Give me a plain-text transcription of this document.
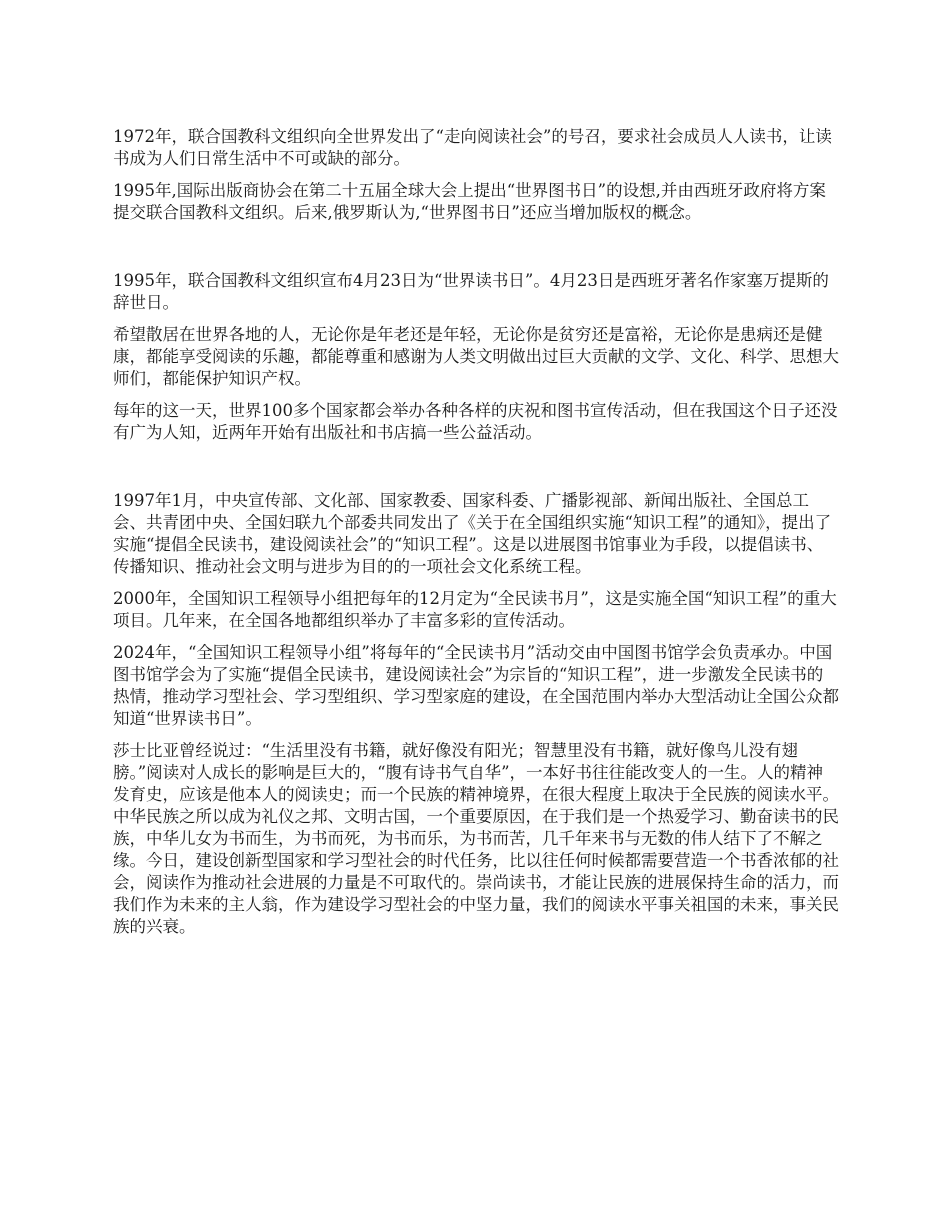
1972年，联合国教科文组织向全世界发出了“走向阅读社会”的号召，要求社会成员人人读书，让读书成为人们日常生活中不可或缺的部分。

1995年,国际出版商协会在第二十五届全球大会上提出“世界图书日”的设想,并由西班牙政府将方案提交联合国教科文组织。后来,俄罗斯认为,“世界图书日”还应当增加版权的概念。

1995年，联合国教科文组织宣布4月23日为“世界读书日”。4月23日是西班牙著名作家塞万提斯的辞世日。

希望散居在世界各地的人，无论你是年老还是年轻，无论你是贫穷还是富裕，无论你是患病还是健康，都能享受阅读的乐趣，都能尊重和感谢为人类文明做出过巨大贡献的文学、文化、科学、思想大师们，都能保护知识产权。

每年的这一天，世界100多个国家都会举办各种各样的庆祝和图书宣传活动，但在我国这个日子还没有广为人知，近两年开始有出版社和书店搞一些公益活动。

1997年1月，中央宣传部、文化部、国家教委、国家科委、广播影视部、新闻出版社、全国总工会、共青团中央、全国妇联九个部委共同发出了《关于在全国组织实施“知识工程”的通知》，提出了实施“提倡全民读书，建设阅读社会”的“知识工程”。这是以进展图书馆事业为手段，以提倡读书、传播知识、推动社会文明与进步为目的的一项社会文化系统工程。

2000年，全国知识工程领导小组把每年的12月定为“全民读书月”，这是实施全国“知识工程”的重大项目。几年来，在全国各地都组织举办了丰富多彩的宣传活动。

2024年，“全国知识工程领导小组”将每年的“全民读书月”活动交由中国图书馆学会负责承办。中国图书馆学会为了实施“提倡全民读书，建设阅读社会”为宗旨的“知识工程”，进一步激发全民读书的热情，推动学习型社会、学习型组织、学习型家庭的建设，在全国范围内举办大型活动让全国公众都知道“世界读书日”。

莎士比亚曾经说过：“生活里没有书籍，就好像没有阳光；智慧里没有书籍，就好像鸟儿没有翅膀。”阅读对人成长的影响是巨大的，“腹有诗书气自华”，一本好书往往能改变人的一生。人的精神发育史，应该是他本人的阅读史；而一个民族的精神境界，在很大程度上取决于全民族的阅读水平。中华民族之所以成为礼仪之邦、文明古国，一个重要原因，在于我们是一个热爱学习、勤奋读书的民族，中华儿女为书而生，为书而死，为书而乐，为书而苦，几千年来书与无数的伟人结下了不解之缘。今日，建设创新型国家和学习型社会的时代任务，比以往任何时候都需要营造一个书香浓郁的社会，阅读作为推动社会进展的力量是不可取代的。崇尚读书，才能让民族的进展保持生命的活力，而我们作为未来的主人翁，作为建设学习型社会的中坚力量，我们的阅读水平事关祖国的未来，事关民族的兴衰。
